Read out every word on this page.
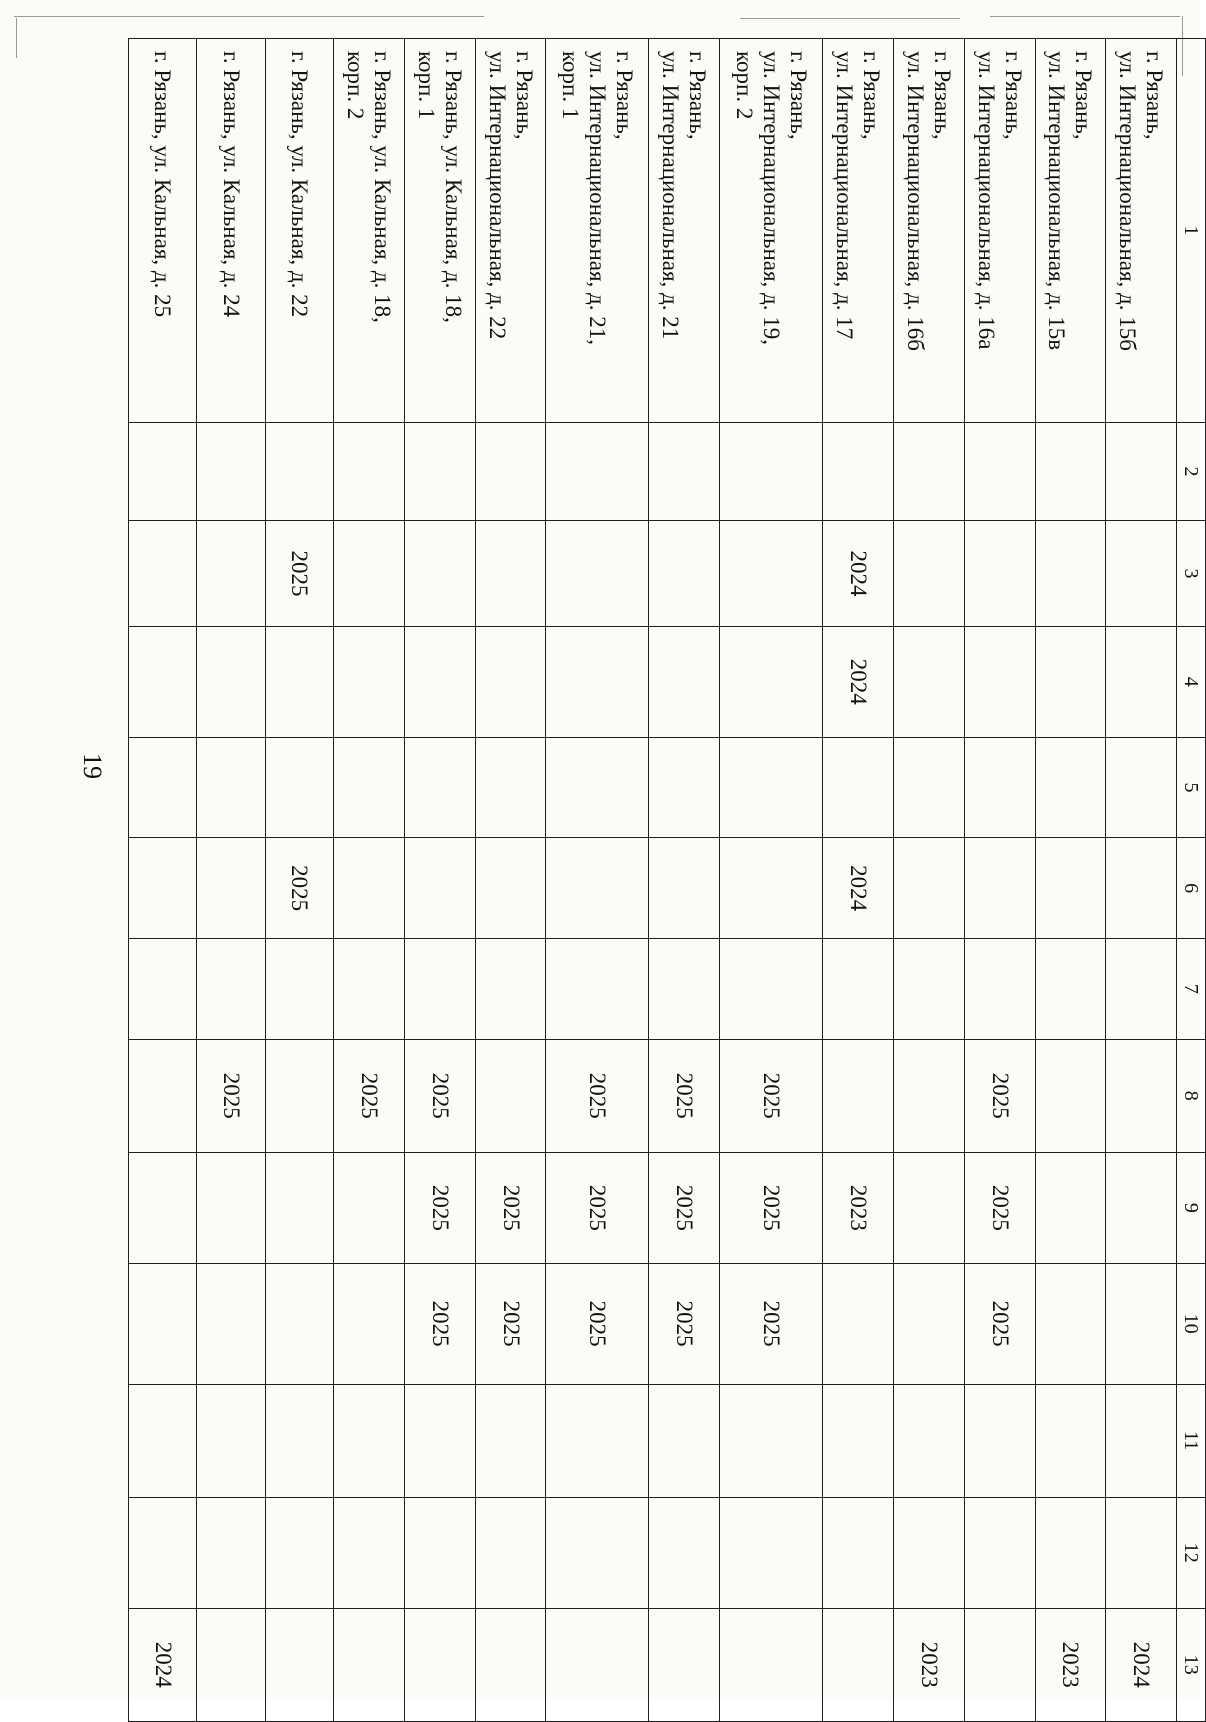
19
1	2	3	4	5	6	7	8	9	10	11	12	13

г. Рязань,
ул. Интернациональная, д. 15б												2024

г. Рязань,
ул. Интернациональная, д. 15в												2023

г. Рязань,
ул. Интернациональная, д. 16а							2025	2025	2025			

г. Рязань,
ул. Интернациональная, д. 16б												2023

г. Рязань,
ул. Интернациональная, д. 17		2024	2024		2024			2023				

г. Рязань,
ул. Интернациональная, д. 19,
корп. 2							2025	2025	2025			

г. Рязань,
ул. Интернациональная, д. 21							2025	2025	2025			

г. Рязань,
ул. Интернациональная, д. 21,
корп. 1							2025	2025	2025			

г. Рязань,
ул. Интернациональная, д. 22								2025	2025			

г. Рязань, ул. Кальная, д. 18,
корп. 1							2025	2025	2025			

г. Рязань, ул. Кальная, д. 18,
корп. 2							2025					

г. Рязань, ул. Кальная, д. 22		2025			2025							

г. Рязань, ул. Кальная, д. 24							2025					

г. Рязань, ул. Кальная, д. 25												2024
